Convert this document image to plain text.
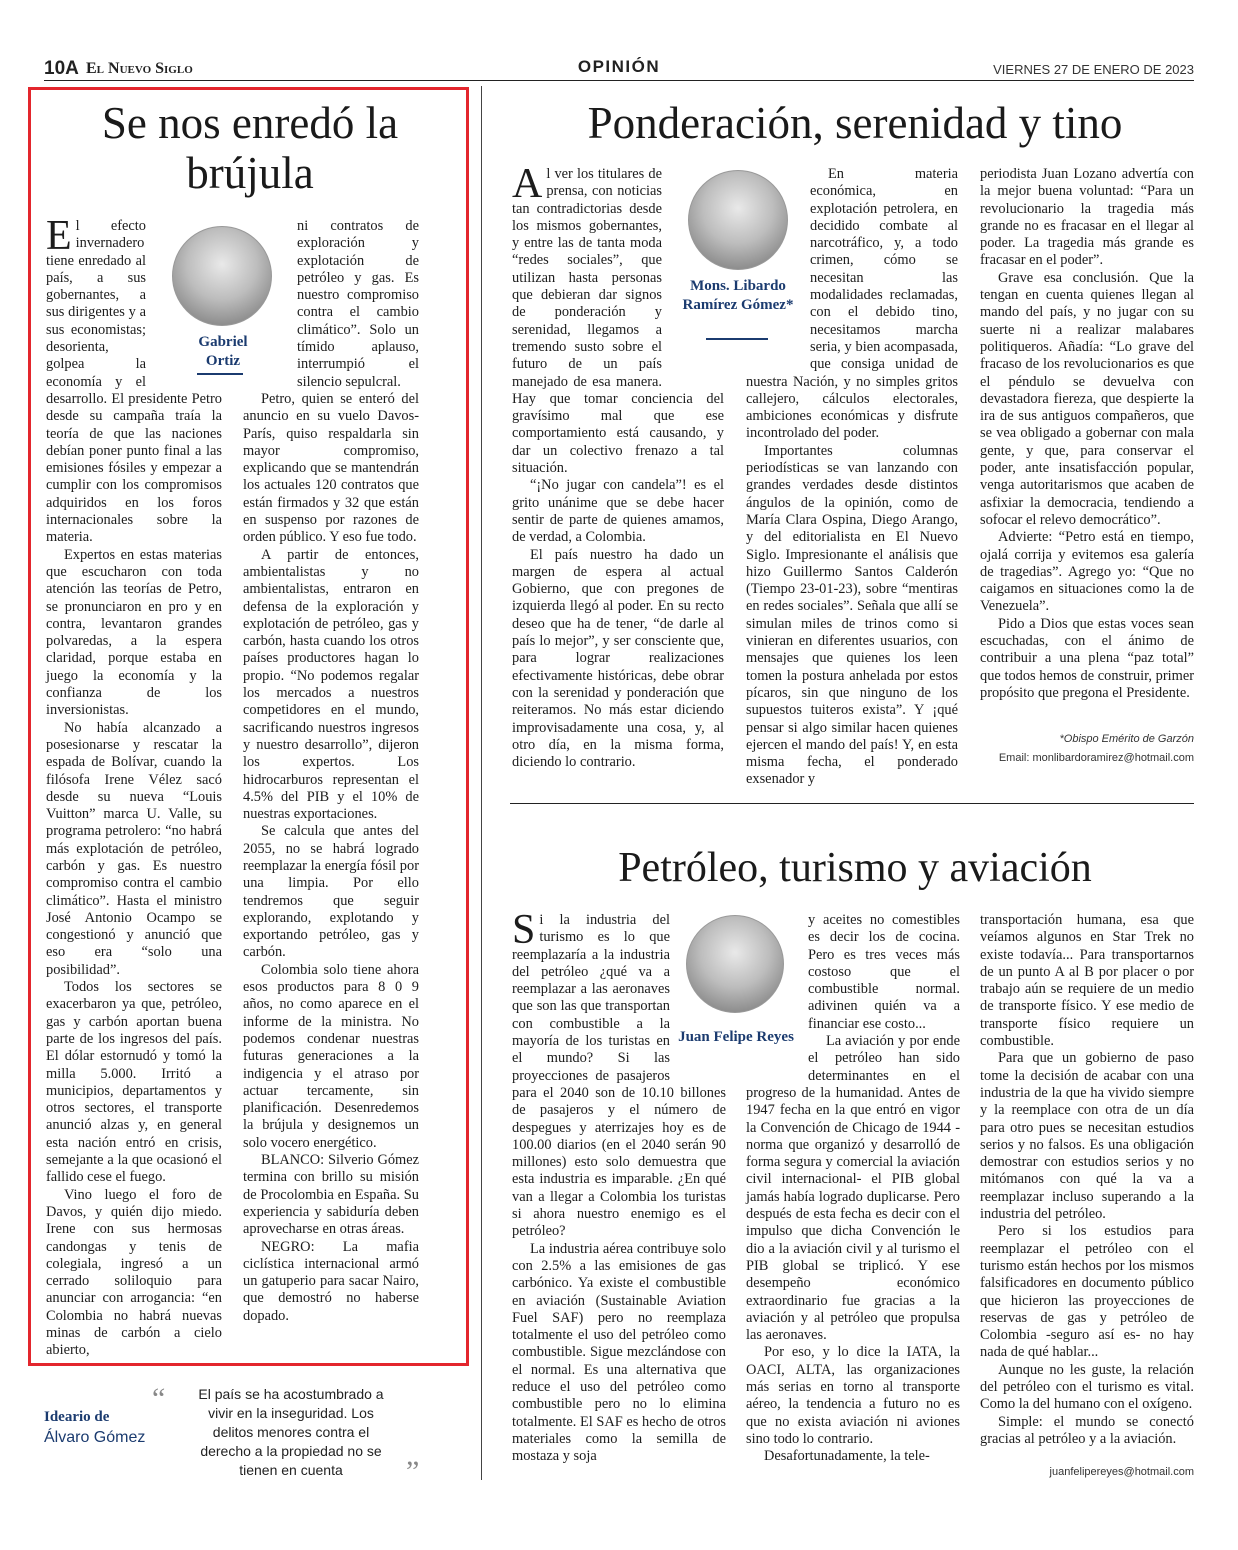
10A El Nuevo Siglo	OPINIÓN	VIERNES 27 DE ENERO DE 2023
Se nos enredó la brújula
Gabriel Ortiz
E l efecto invernadero tiene enredado al país, a sus gobernantes, a sus dirigentes y a sus economistas; desorienta, golpea la economía y el desarrollo. El presidente Petro desde su campaña traía la teoría de que las naciones debían poner punto final a las emisiones fósiles y empezar a cumplir con los compromisos adquiridos en los foros internacionales sobre la materia.

Expertos en estas materias que escucharon con toda atención las teorías de Petro, se pronunciaron en pro y en contra, levantaron grandes polvaredas, a la espera claridad, porque estaba en juego la economía y la confianza de los inversionistas.

No había alcanzado a posesionarse y rescatar la espada de Bolívar, cuando la filósofa Irene Vélez sacó desde su nueva “Louis Vuitton” marca U. Valle, su programa petrolero: “no habrá más explotación de petróleo, carbón y gas. Es nuestro compromiso contra el cambio climático”. Hasta el ministro José Antonio Ocampo se congestionó y anunció que eso era “solo una posibilidad”.

Todos los sectores se exacerbaron ya que, petróleo, gas y carbón aportan buena parte de los ingresos del país. El dólar estornudó y tomó la milla 5.000. Irritó a municipios, departamentos y otros sectores, el transporte anunció alzas y, en general esta nación entró en crisis, semejante a la que ocasionó el fallido cese el fuego.

Vino luego el foro de Davos, y quién dijo miedo. Irene con sus hermosas candongas y tenis de colegiala, ingresó a un cerrado soliloquio para anunciar con arrogancia: “en Colombia no habrá nuevas minas de carbón a cielo abierto,

ni contratos de exploración y explotación de petróleo y gas. Es nuestro compromiso contra el cambio climático”. Solo un tímido aplauso, interrumpió el silencio sepulcral.

Petro, quien se enteró del anuncio en su vuelo Davos-París, quiso respaldarla sin mayor compromiso, explicando que se mantendrán los actuales 120 contratos que están firmados y 32 que están en suspenso por razones de orden público. Y eso fue todo.

A partir de entonces, ambientalistas y no ambientalistas, entraron en defensa de la exploración y explotación de petróleo, gas y carbón, hasta cuando los otros países productores hagan lo propio. “No podemos regalar los mercados a nuestros competidores en el mundo, sacrificando nuestros ingresos y nuestro desarrollo”, dijeron los expertos. Los hidrocarburos representan el 4.5% del PIB y el 10% de nuestras exportaciones.

Se calcula que antes del 2055, no se habrá logrado reemplazar la energía fósil por una limpia. Por ello tendremos que seguir explorando, explotando y exportando petróleo, gas y carbón.

Colombia solo tiene ahora esos productos para 8 0 9 años, no como aparece en el informe de la ministra. No podemos condenar nuestras futuras generaciones a la indigencia y el atraso por actuar tercamente, sin planificación. Desenredemos la brújula y designemos un solo vocero energético.

BLANCO: Silverio Gómez termina con brillo su misión de Procolombia en España. Su experiencia y sabiduría deben aprovecharse en otras áreas.

NEGRO: La mafia ciclística internacional armó un gatuperio para sacar Nairo, que demostró no haberse dopado.

Ponderación, serenidad y tino
Mons. Libardo Ramírez Gómez*
A l ver los titulares de prensa, con noticias tan contradictorias desde los mismos gobernantes, y entre las de tanta moda “redes sociales”, que utilizan hasta personas que debieran dar signos de ponderación y serenidad, llegamos a tremendo susto sobre el futuro de un país manejado de esa manera. Hay que tomar conciencia del gravísimo mal que ese comportamiento está causando, y dar un colectivo frenazo a tal situación.

“¡No jugar con candela”! es el grito unánime que se debe hacer sentir de parte de quienes amamos, de verdad, a Colombia.

El país nuestro ha dado un margen de espera al actual Gobierno, que con pregones de izquierda llegó al poder. En su recto deseo que ha de tener, “de darle al país lo mejor”, y ser consciente que, para lograr realizaciones efectivamente históricas, debe obrar con la serenidad y ponderación que reiteramos. No más estar diciendo improvisadamente una cosa, y, al otro día, en la misma forma, diciendo lo contrario.

En materia económica, en explotación petrolera, en decidido combate al narcotráfico, y, a todo crimen, cómo se necesitan las modalidades reclamadas, con el debido tino, necesitamos marcha seria, y bien acompasada, que consiga unidad de nuestra Nación, y no simples gritos callejero, cálculos electorales, ambiciones económicas y disfrute incontrolado del poder.

Importantes columnas periodísticas se van lanzando con grandes verdades desde distintos ángulos de la opinión, como de María Clara Ospina, Diego Arango, y del editorialista en El Nuevo Siglo. Impresionante el análisis que hizo Guillermo Santos Calderón (Tiempo 23-01-23), sobre “mentiras en redes sociales”. Señala que allí se simulan miles de trinos como si vinieran en diferentes usuarios, con mensajes que quienes los leen tomen la postura anhelada por estos pícaros, sin que ninguno de los supuestos tuiteros exista”. Y ¡qué pensar si algo similar hacen quienes ejercen el mando del país! Y, en esta misma fecha, el ponderado exsenador y

periodista Juan Lozano advertía con la mejor buena voluntad: “Para un revolucionario la tragedia más grande no es fracasar en el llegar al poder. La tragedia más grande es fracasar en el poder”.

Grave esa conclusión. Que la tengan en cuenta quienes llegan al mando del país, y no jugar con su suerte ni a realizar malabares politiqueros. Añadía: “Lo grave del fracaso de los revolucionarios es que el péndulo se devuelva con devastadora fiereza, que despierte la ira de sus antiguos compañeros, que se vea obligado a gobernar con mala gente, y que, para conservar el poder, ante insatisfacción popular, venga autoritarismos que acaben de asfixiar la democracia, tendiendo a sofocar el relevo democrático”.

Advierte: “Petro está en tiempo, ojalá corrija y evitemos esa galería de tragedias”. Agrego yo: “Que no caigamos en situaciones como la de Venezuela”.

Pido a Dios que estas voces sean escuchadas, con el ánimo de contribuir a una plena “paz total” que todos hemos de construir, primer propósito que pregona el Presidente.

*Obispo Emérito de Garzón
Email: monlibardoramirez@hotmail.com
Petróleo, turismo y aviación
Juan Felipe Reyes
S i la industria del turismo es lo que reemplazaría a la industria del petróleo ¿qué va a reemplazar a las aeronaves que son las que transportan con combustible a la mayoría de los turistas en el mundo? Si las proyecciones de pasajeros para el 2040 son de 10.10 billones de pasajeros y el número de despegues y aterrizajes hoy es de 100.00 diarios (en el 2040 serán 90 millones) esto solo demuestra que esta industria es imparable. ¿En qué van a llegar a Colombia los turistas si ahora nuestro enemigo es el petróleo?

La industria aérea contribuye solo con 2.5% a las emisiones de gas carbónico. Ya existe el combustible en aviación (Sustainable Aviation Fuel SAF) pero no reemplaza totalmente el uso del petróleo como combustible. Sigue mezclándose con el normal. Es una alternativa que reduce el uso del petróleo como combustible pero no lo elimina totalmente. El SAF es hecho de otros materiales como la semilla de mostaza y soja

y aceites no comestibles es decir los de cocina. Pero es tres veces más costoso que el combustible normal. adivinen quién va a financiar ese costo...

La aviación y por ende el petróleo han sido determinantes en el progreso de la humanidad. Antes de 1947 fecha en la que entró en vigor la Convención de Chicago de 1944 -norma que organizó y desarrolló de forma segura y comercial la aviación civil internacional- el PIB global jamás había logrado duplicarse. Pero después de esta fecha es decir con el impulso que dicha Convención le dio a la aviación civil y al turismo el PIB global se triplicó. Y ese desempeño económico extraordinario fue gracias a la aviación y al petróleo que propulsa las aeronaves.

Por eso, y lo dice la IATA, la OACI, ALTA, las organizaciones más serias en torno al transporte aéreo, la tendencia a futuro no es que no exista aviación ni aviones sino todo lo contrario.

Desafortunadamente, la tele-

transportación humana, esa que veíamos algunos en Star Trek no existe todavía... Para transportarnos de un punto A al B por placer o por trabajo aún se requiere de un medio de transporte físico. Y ese medio de transporte físico requiere un combustible.

Para que un gobierno de paso tome la decisión de acabar con una industria de la que ha vivido siempre y la reemplace con otra de un día para otro pues se necesitan estudios serios y no falsos. Es una obligación demostrar con estudios serios y no mitómanos con qué la va a reemplazar incluso superando a la industria del petróleo.

Pero si los estudios para reemplazar el petróleo con el turismo están hechos por los mismos falsificadores en documento público que hicieron las proyecciones de reservas de gas y petróleo de Colombia -seguro así es- no hay nada de qué hablar...

Aunque no les guste, la relación del petróleo con el turismo es vital. Como la del humano con el oxígeno.

Simple: el mundo se conectó gracias al petróleo y a la aviación.

juanfelipereyes@hotmail.com
Ideario de
Álvaro Gómez
“	El país se ha acostumbrado a vivir en la inseguridad. Los delitos menores contra el derecho a la propiedad no se tienen en cuenta	”
